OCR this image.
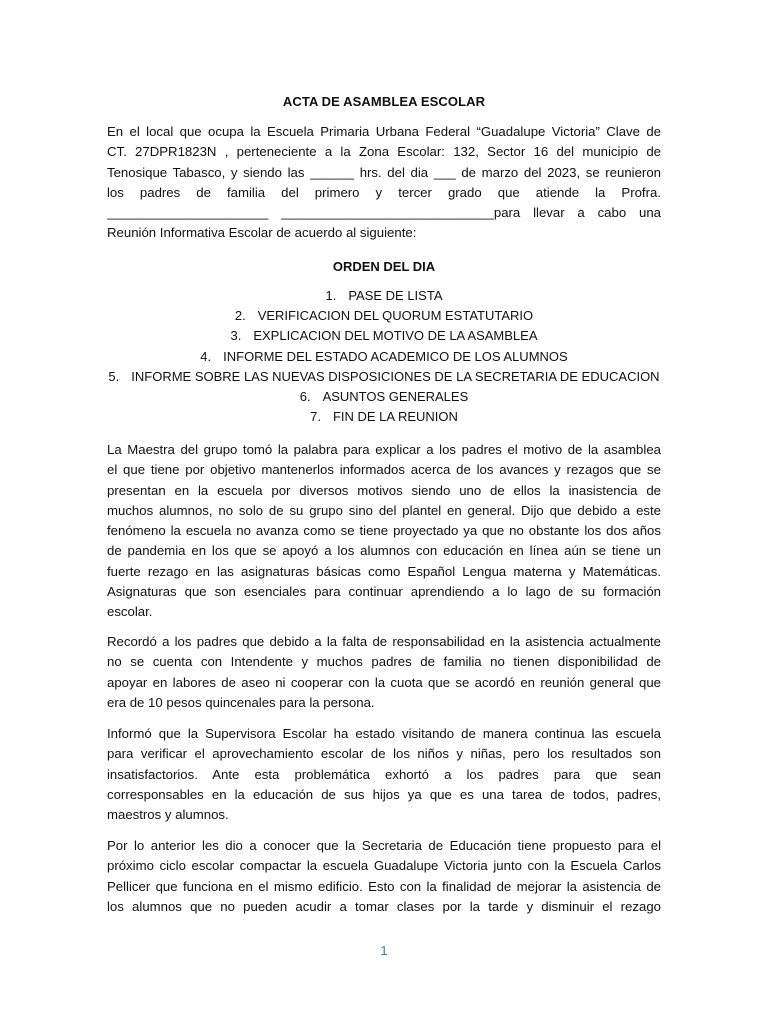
ACTA DE ASAMBLEA ESCOLAR

En el local que ocupa la Escuela Primaria Urbana Federal “Guadalupe Victoria” Clave de
CT. 27DPR1823N , perteneciente a la Zona Escolar: 132, Sector 16 del municipio de
Tenosique Tabasco, y siendo las ______ hrs. del dia ___ de marzo del 2023, se reunieron
los padres de familia del primero y tercer grado que atiende la Profra.
______________________ _____________________________para llevar a cabo una
Reunión Informativa Escolar de acuerdo al siguiente:

ORDEN DEL DIA
1. PASE DE LISTA
2. VERIFICACION DEL QUORUM ESTATUTARIO
3. EXPLICACION DEL MOTIVO DE LA ASAMBLEA
4. INFORME DEL ESTADO ACADEMICO DE LOS ALUMNOS
5. INFORME SOBRE LAS NUEVAS DISPOSICIONES DE LA SECRETARIA DE EDUCACION
6. ASUNTOS GENERALES
7. FIN DE LA REUNION

La Maestra del grupo tomó la palabra para explicar a los padres el motivo de la asamblea
el que tiene por objetivo mantenerlos informados acerca de los avances y rezagos que se
presentan en la escuela por diversos motivos siendo uno de ellos la inasistencia de
muchos alumnos, no solo de su grupo sino del plantel en general. Dijo que debido a este
fenómeno la escuela no avanza como se tiene proyectado ya que no obstante los dos años
de pandemia en los que se apoyó a los alumnos con educación en línea aún se tiene un
fuerte rezago en las asignaturas básicas como Español Lengua materna y Matemáticas.
Asignaturas que son esenciales para continuar aprendiendo a lo lago de su formación
escolar.

Recordó a los padres que debido a la falta de responsabilidad en la asistencia actualmente
no se cuenta con Intendente y muchos padres de familia no tienen disponibilidad de
apoyar en labores de aseo ni cooperar con la cuota que se acordó en reunión general que
era de 10 pesos quincenales para la persona.

Informó que la Supervisora Escolar ha estado visitando de manera continua las escuela
para verificar el aprovechamiento escolar de los niños y niñas, pero los resultados son
insatisfactorios. Ante esta problemática exhortó a los padres para que sean
corresponsables en la educación de sus hijos ya que es una tarea de todos, padres,
maestros y alumnos.

Por lo anterior les dio a conocer que la Secretaria de Educación tiene propuesto para el
próximo ciclo escolar compactar la escuela Guadalupe Victoria junto con la Escuela Carlos
Pellicer que funciona en el mismo edificio. Esto con la finalidad de mejorar la asistencia de
los alumnos que no pueden acudir a tomar clases por la tarde y disminuir el rezago

1
